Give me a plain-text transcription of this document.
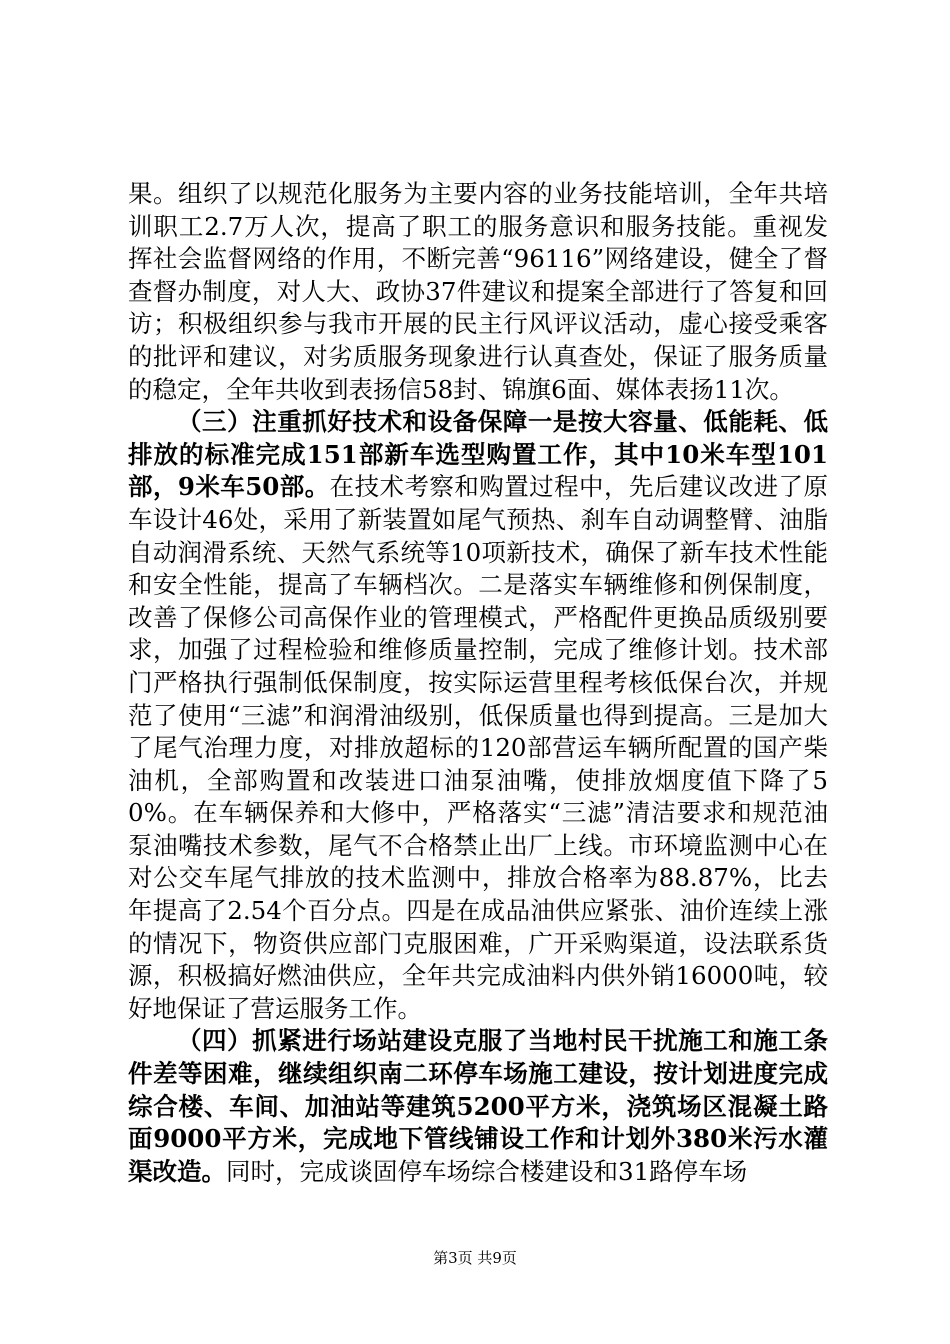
果。组织了以规范化服务为主要内容的业务技能培训，全年共培训职工2.7万人次，提高了职工的服务意识和服务技能。重视发挥社会监督网络的作用，不断完善“96116”网络建设，健全了督查督办制度，对人大、政协37件建议和提案全部进行了答复和回访；积极组织参与我市开展的民主行风评议活动，虚心接受乘客的批评和建议，对劣质服务现象进行认真查处，保证了服务质量的稳定，全年共收到表扬信58封、锦旗6面、媒体表扬11次。

（三）注重抓好技术和设备保障一是按大容量、低能耗、低排放的标准完成151部新车选型购置工作，其中10米车型101部，9米车50部。在技术考察和购置过程中，先后建议改进了原车设计46处，采用了新装置如尾气预热、刹车自动调整臂、油脂自动润滑系统、天然气系统等10项新技术，确保了新车技术性能和安全性能，提高了车辆档次。二是落实车辆维修和例保制度，改善了保修公司高保作业的管理模式，严格配件更换品质级别要求，加强了过程检验和维修质量控制，完成了维修计划。技术部门严格执行强制低保制度，按实际运营里程考核低保台次，并规范了使用“三滤”和润滑油级别，低保质量也得到提高。三是加大了尾气治理力度，对排放超标的120部营运车辆所配置的国产柴油机，全部购置和改装进口油泵油嘴，使排放烟度值下降了50%。在车辆保养和大修中，严格落实“三滤”清洁要求和规范油泵油嘴技术参数，尾气不合格禁止出厂上线。市环境监测中心在对公交车尾气排放的技术监测中，排放合格率为88.87%，比去年提高了2.54个百分点。四是在成品油供应紧张、油价连续上涨的情况下，物资供应部门克服困难，广开采购渠道，设法联系货源，积极搞好燃油供应，全年共完成油料内供外销16000吨，较好地保证了营运服务工作。

（四）抓紧进行场站建设克服了当地村民干扰施工和施工条件差等困难，继续组织南二环停车场施工建设，按计划进度完成综合楼、车间、加油站等建筑5200平方米，浇筑场区混凝土路面9000平方米，完成地下管线铺设工作和计划外380米污水灌渠改造。同时，完成谈固停车场综合楼建设和31路停车场

第3页 共9页
